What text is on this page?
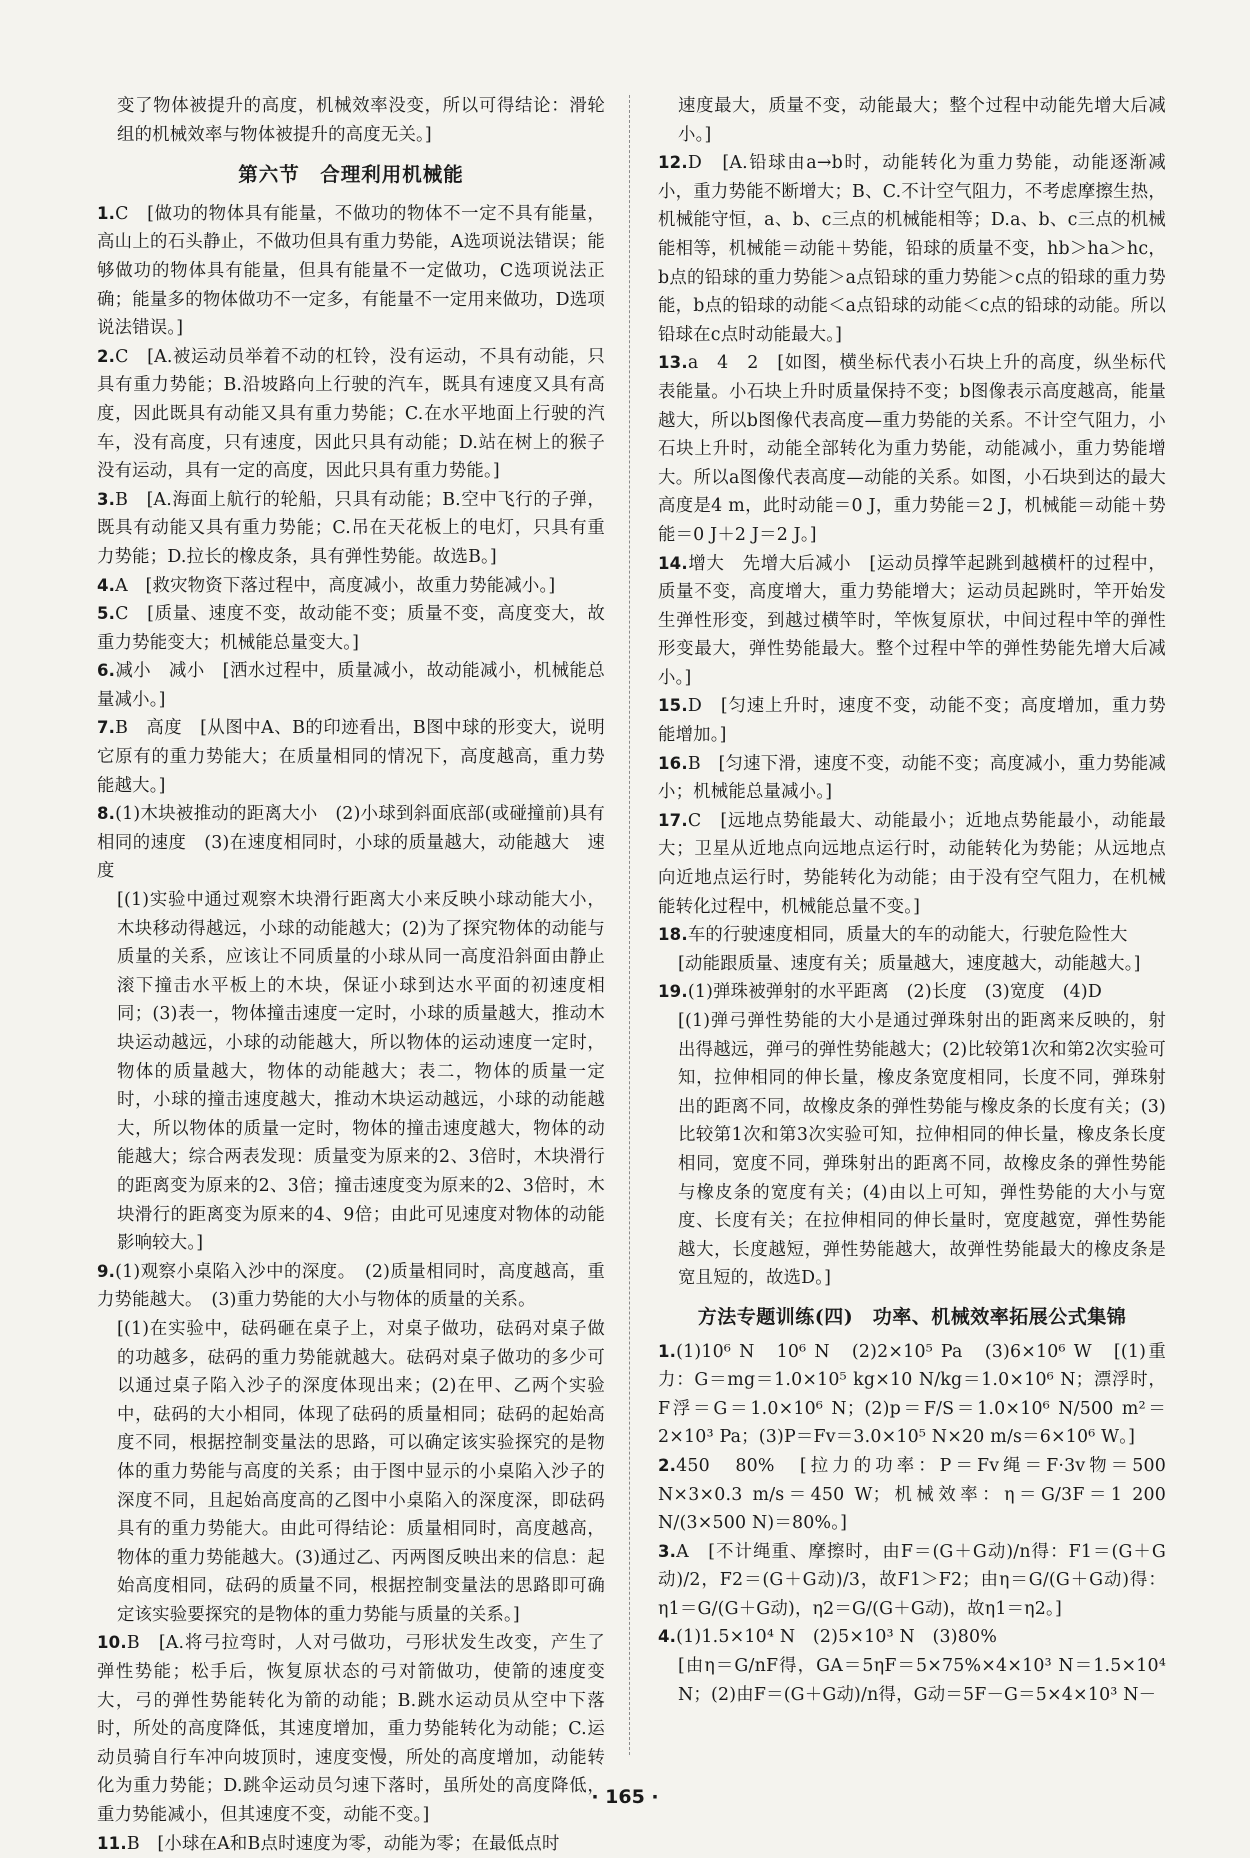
变了物体被提升的高度，机械效率没变，所以可得结论：滑轮组的机械效率与物体被提升的高度无关。]

第六节　合理利用机械能

1.C　[做功的物体具有能量，不做功的物体不一定不具有能量，高山上的石头静止，不做功但具有重力势能，A选项说法错误；能够做功的物体具有能量，但具有能量不一定做功，C选项说法正确；能量多的物体做功不一定多，有能量不一定用来做功，D选项说法错误。]

2.C　[A.被运动员举着不动的杠铃，没有运动，不具有动能，只具有重力势能；B.沿坡路向上行驶的汽车，既具有速度又具有高度，因此既具有动能又具有重力势能；C.在水平地面上行驶的汽车，没有高度，只有速度，因此只具有动能；D.站在树上的猴子没有运动，具有一定的高度，因此只具有重力势能。]

3.B　[A.海面上航行的轮船，只具有动能；B.空中飞行的子弹，既具有动能又具有重力势能；C.吊在天花板上的电灯，只具有重力势能；D.拉长的橡皮条，具有弹性势能。故选B。]

4.A　[救灾物资下落过程中，高度减小，故重力势能减小。]

5.C　[质量、速度不变，故动能不变；质量不变，高度变大，故重力势能变大；机械能总量变大。]

6.减小　减小　[洒水过程中，质量减小，故动能减小，机械能总量减小。]

7.B　高度　[从图中A、B的印迹看出，B图中球的形变大，说明它原有的重力势能大；在质量相同的情况下，高度越高，重力势能越大。]

8.(1)木块被推动的距离大小　(2)小球到斜面底部(或碰撞前)具有相同的速度　(3)在速度相同时，小球的质量越大，动能越大　速度

[(1)实验中通过观察木块滑行距离大小来反映小球动能大小，木块移动得越远，小球的动能越大；(2)为了探究物体的动能与质量的关系，应该让不同质量的小球从同一高度沿斜面由静止滚下撞击水平板上的木块，保证小球到达水平面的初速度相同；(3)表一，物体撞击速度一定时，小球的质量越大，推动木块运动越远，小球的动能越大，所以物体的运动速度一定时，物体的质量越大，物体的动能越大；表二，物体的质量一定时，小球的撞击速度越大，推动木块运动越远，小球的动能越大，所以物体的质量一定时，物体的撞击速度越大，物体的动能越大；综合两表发现：质量变为原来的2、3倍时，木块滑行的距离变为原来的2、3倍；撞击速度变为原来的2、3倍时，木块滑行的距离变为原来的4、9倍；由此可见速度对物体的动能影响较大。]

9.(1)观察小桌陷入沙中的深度。　(2)质量相同时，高度越高，重力势能越大。　(3)重力势能的大小与物体的质量的关系。

[(1)在实验中，砝码砸在桌子上，对桌子做功，砝码对桌子做的功越多，砝码的重力势能就越大。砝码对桌子做功的多少可以通过桌子陷入沙子的深度体现出来；(2)在甲、乙两个实验中，砝码的大小相同，体现了砝码的质量相同；砝码的起始高度不同，根据控制变量法的思路，可以确定该实验探究的是物体的重力势能与高度的关系；由于图中显示的小桌陷入沙子的深度不同，且起始高度高的乙图中小桌陷入的深度深，即砝码具有的重力势能大。由此可得结论：质量相同时，高度越高，物体的重力势能越大。(3)通过乙、丙两图反映出来的信息：起始高度相同，砝码的质量不同，根据控制变量法的思路即可确定该实验要探究的是物体的重力势能与质量的关系。]

10.B　[A.将弓拉弯时，人对弓做功，弓形状发生改变，产生了弹性势能；松手后，恢复原状态的弓对箭做功，使箭的速度变大，弓的弹性势能转化为箭的动能；B.跳水运动员从空中下落时，所处的高度降低，其速度增加，重力势能转化为动能；C.运动员骑自行车冲向坡顶时，速度变慢，所处的高度增加，动能转化为重力势能；D.跳伞运动员匀速下落时，虽所处的高度降低，重力势能减小，但其速度不变，动能不变。]

11.B　[小球在A和B点时速度为零，动能为零；在最低点时

速度最大，质量不变，动能最大；整个过程中动能先增大后减小。]

12.D　[A.铅球由a→b时，动能转化为重力势能，动能逐渐减小，重力势能不断增大；B、C.不计空气阻力，不考虑摩擦生热，机械能守恒，a、b、c三点的机械能相等；D.a、b、c三点的机械能相等，机械能＝动能＋势能，铅球的质量不变，hb＞ha＞hc，b点的铅球的重力势能＞a点铅球的重力势能＞c点的铅球的重力势能，b点的铅球的动能＜a点铅球的动能＜c点的铅球的动能。所以铅球在c点时动能最大。]

13.a　4　2　[如图，横坐标代表小石块上升的高度，纵坐标代表能量。小石块上升时质量保持不变；b图像表示高度越高，能量越大，所以b图像代表高度—重力势能的关系。不计空气阻力，小石块上升时，动能全部转化为重力势能，动能减小，重力势能增大。所以a图像代表高度—动能的关系。如图，小石块到达的最大高度是4 m，此时动能＝0 J，重力势能＝2 J，机械能＝动能＋势能＝0 J＋2 J＝2 J。]

14.增大　先增大后减小　[运动员撑竿起跳到越横杆的过程中，质量不变，高度增大，重力势能增大；运动员起跳时，竿开始发生弹性形变，到越过横竿时，竿恢复原状，中间过程中竿的弹性形变最大，弹性势能最大。整个过程中竿的弹性势能先增大后减小。]

15.D　[匀速上升时，速度不变，动能不变；高度增加，重力势能增加。]

16.B　[匀速下滑，速度不变，动能不变；高度减小，重力势能减小；机械能总量减小。]

17.C　[远地点势能最大、动能最小；近地点势能最小，动能最大；卫星从近地点向远地点运行时，动能转化为势能；从远地点向近地点运行时，势能转化为动能；由于没有空气阻力，在机械能转化过程中，机械能总量不变。]

18.车的行驶速度相同，质量大的车的动能大，行驶危险性大

[动能跟质量、速度有关；质量越大，速度越大，动能越大。]

19.(1)弹珠被弹射的水平距离　(2)长度　(3)宽度　(4)D

[(1)弹弓弹性势能的大小是通过弹珠射出的距离来反映的，射出得越远，弹弓的弹性势能越大；(2)比较第1次和第2次实验可知，拉伸相同的伸长量，橡皮条宽度相同，长度不同，弹珠射出的距离不同，故橡皮条的弹性势能与橡皮条的长度有关；(3)比较第1次和第3次实验可知，拉伸相同的伸长量，橡皮条长度相同，宽度不同，弹珠射出的距离不同，故橡皮条的弹性势能与橡皮条的宽度有关；(4)由以上可知，弹性势能的大小与宽度、长度有关；在拉伸相同的伸长量时，宽度越宽，弹性势能越大，长度越短，弹性势能越大，故弹性势能最大的橡皮条是宽且短的，故选D。]

方法专题训练(四)　功率、机械效率拓展公式集锦

1.(1)10⁶ N　10⁶ N　(2)2×10⁵ Pa　(3)6×10⁶ W　[(1)重力：G＝mg＝1.0×10⁵ kg×10 N/kg＝1.0×10⁶ N；漂浮时，F浮＝G＝1.0×10⁶ N；(2)p＝F/S＝1.0×10⁶ N/500 m²＝2×10³ Pa；(3)P＝Fv＝3.0×10⁵ N×20 m/s＝6×10⁶ W。]

2.450　80%　[拉力的功率：P＝Fv绳＝F·3v物＝500 N×3×0.3 m/s＝450 W；机械效率：η＝G/3F＝1 200 N/(3×500 N)＝80%。]

3.A　[不计绳重、摩擦时，由F＝(G＋G动)/n得：F1＝(G＋G动)/2，F2＝(G＋G动)/3，故F1＞F2；由η＝G/(G＋G动)得：η1＝G/(G＋G动)，η2＝G/(G＋G动)，故η1＝η2。]

4.(1)1.5×10⁴ N　(2)5×10³ N　(3)80%

[由η＝G/nF得，GA＝5ηF＝5×75%×4×10³ N＝1.5×10⁴ N；(2)由F＝(G＋G动)/n得，G动＝5F－G＝5×4×10³ N－

· 165 ·
